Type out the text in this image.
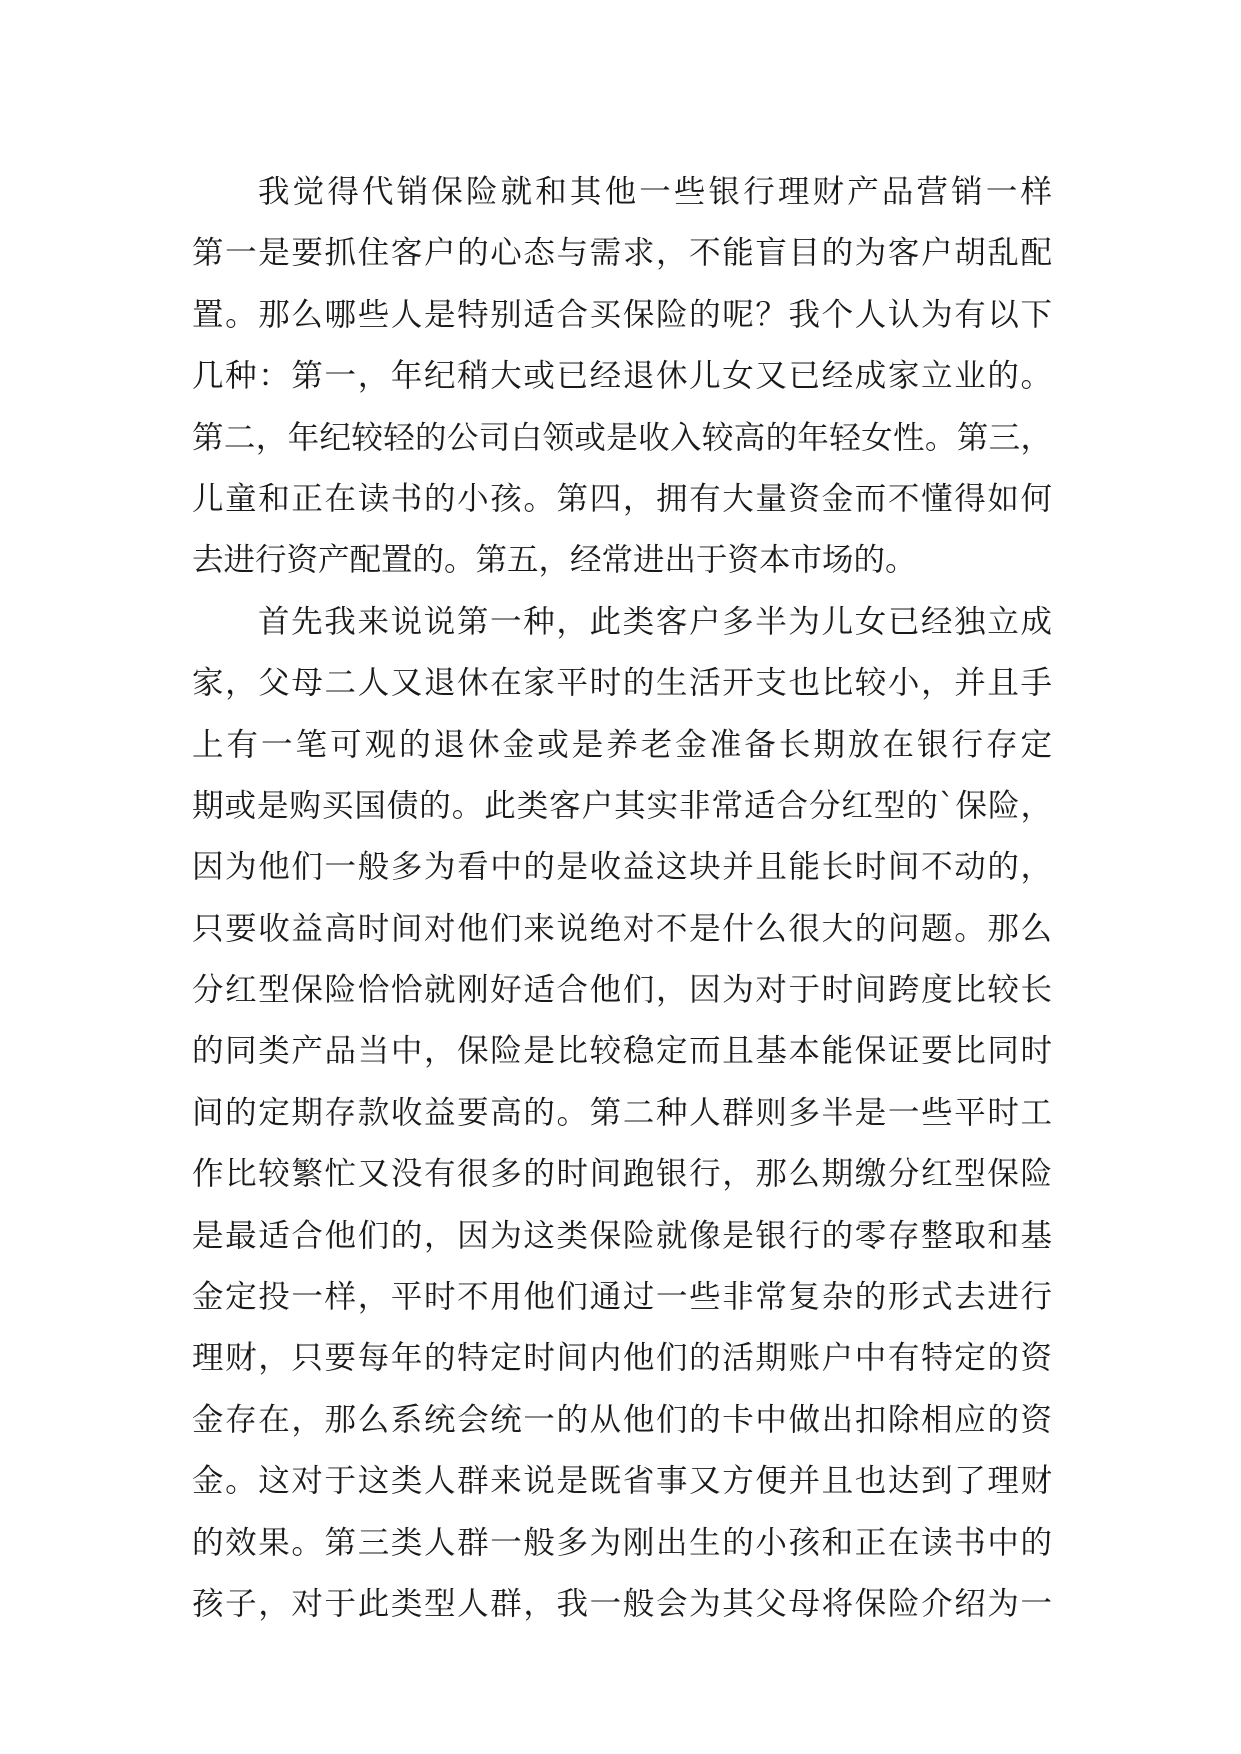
我觉得代销保险就和其他一些银行理财产品营销一样
第一是要抓住客户的心态与需求，不能盲目的为客户胡乱配
置。那么哪些人是特别适合买保险的呢？我个人认为有以下
几种：第一，年纪稍大或已经退休儿女又已经成家立业的。
第二，年纪较轻的公司白领或是收入较高的年轻女性。第三，
儿童和正在读书的小孩。第四，拥有大量资金而不懂得如何
去进行资产配置的。第五，经常进出于资本市场的。
首先我来说说第一种，此类客户多半为儿女已经独立成
家，父母二人又退休在家平时的生活开支也比较小，并且手
上有一笔可观的退休金或是养老金准备长期放在银行存定
期或是购买国债的。此类客户其实非常适合分红型的`保险，
因为他们一般多为看中的是收益这块并且能长时间不动的，
只要收益高时间对他们来说绝对不是什么很大的问题。那么
分红型保险恰恰就刚好适合他们，因为对于时间跨度比较长
的同类产品当中，保险是比较稳定而且基本能保证要比同时
间的定期存款收益要高的。第二种人群则多半是一些平时工
作比较繁忙又没有很多的时间跑银行，那么期缴分红型保险
是最适合他们的，因为这类保险就像是银行的零存整取和基
金定投一样，平时不用他们通过一些非常复杂的形式去进行
理财，只要每年的特定时间内他们的活期账户中有特定的资
金存在，那么系统会统一的从他们的卡中做出扣除相应的资
金。这对于这类人群来说是既省事又方便并且也达到了理财
的效果。第三类人群一般多为刚出生的小孩和正在读书中的
孩子，对于此类型人群，我一般会为其父母将保险介绍为一
